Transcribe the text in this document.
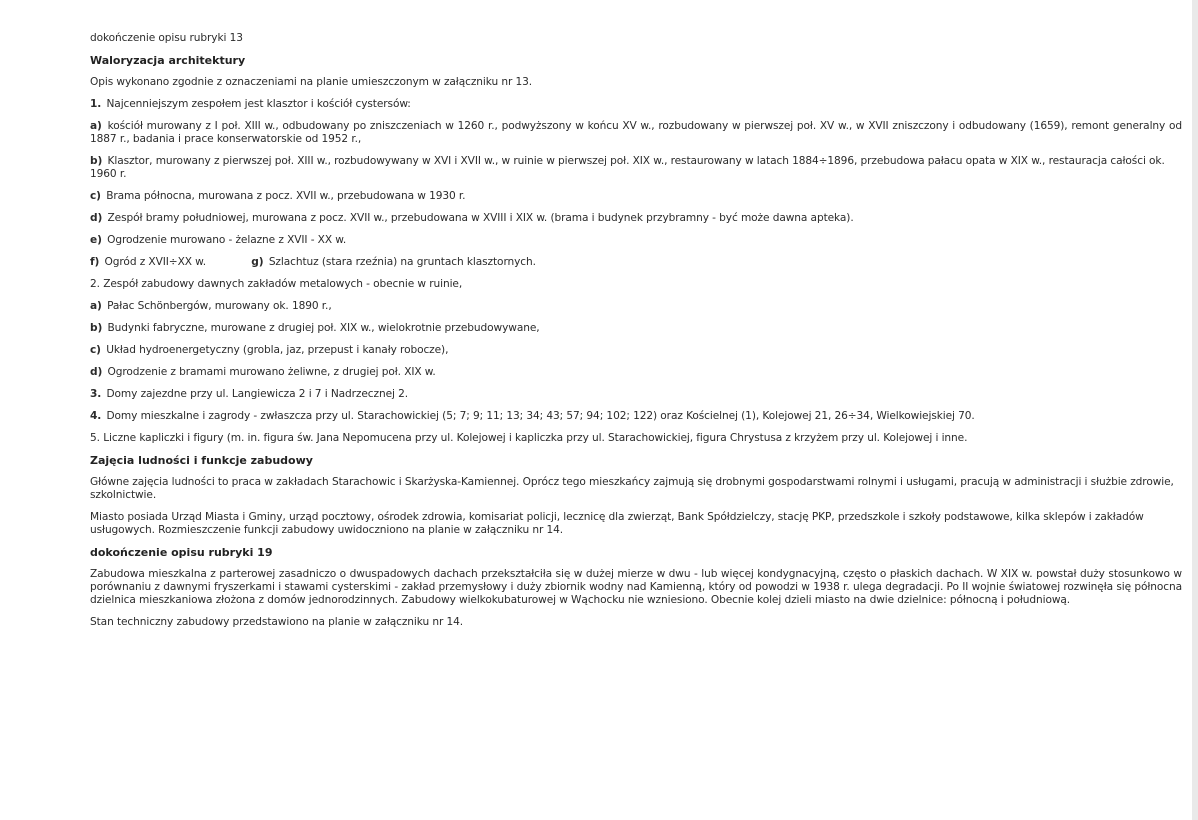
dokończenie opisu rubryki 13
Waloryzacja architektury
Opis wykonano zgodnie z oznaczeniami na planie umieszczonym w załączniku nr 13.
1. Najcenniejszym zespołem jest klasztor i kościół cystersów:
a) kościół murowany z I poł. XIII w., odbudowany po zniszczeniach w 1260 r., podwyższony w końcu XV w., rozbudowany w pierwszej poł. XV w., w XVII zniszczony i odbudowany (1659), remont generalny od 1887 r., badania i prace konserwatorskie od 1952 r.,
b) Klasztor, murowany z pierwszej poł. XIII w., rozbudowywany w XVI i XVII w., w ruinie w pierwszej poł. XIX w., restaurowany w latach 1884÷1896, przebudowa pałacu opata w XIX w., restauracja całości ok. 1960 r.
c) Brama północna, murowana z pocz. XVII w., przebudowana w 1930 r.
d) Zespół bramy południowej, murowana z pocz. XVII w., przebudowana w XVIII i XIX w. (brama i budynek przybramny - być może dawna apteka).
e) Ogrodzenie murowano - żelazne z XVII - XX w.
f) Ogród z XVII÷XX w.	g) Szlachtuz (stara rzeźnia) na gruntach klasztornych.
2. Zespół zabudowy dawnych zakładów metalowych - obecnie w ruinie,
a) Pałac Schönbergów, murowany ok. 1890 r.,
b) Budynki fabryczne, murowane z drugiej poł. XIX w., wielokrotnie przebudowywane,
c) Układ hydroenergetyczny (grobla, jaz, przepust i kanały robocze),
d) Ogrodzenie z bramami murowano żeliwne, z drugiej poł. XIX w.
3. Domy zajezdne przy ul. Langiewicza 2 i 7 i Nadrzecznej 2.
4. Domy mieszkalne i zagrody - zwłaszcza przy ul. Starachowickiej (5; 7; 9; 11; 13; 34; 43; 57; 94; 102; 122) oraz Kościelnej (1), Kolejowej 21, 26÷34, Wielkowiejskiej 70.
5. Liczne kapliczki i figury (m. in. figura św. Jana Nepomucena przy ul. Kolejowej i kapliczka przy ul. Starachowickiej, figura Chrystusa z krzyżem przy ul. Kolejowej i inne.
Zajęcia ludności i funkcje zabudowy
Główne zajęcia ludności to praca w zakładach Starachowic i Skarżyska-Kamiennej. Oprócz tego mieszkańcy zajmują się drobnymi gospodarstwami rolnymi i usługami, pracują w administracji i służbie zdrowie, szkolnictwie.
Miasto posiada Urząd Miasta i Gminy, urząd pocztowy, ośrodek zdrowia, komisariat policji, lecznicę dla zwierząt, Bank Spółdzielczy, stację PKP, przedszkole i szkoły podstawowe, kilka sklepów i zakładów usługowych. Rozmieszczenie funkcji zabudowy uwidoczniono na planie w załączniku nr 14.
dokończenie opisu rubryki 19
Zabudowa mieszkalna z parterowej zasadniczo o dwuspadowych dachach przekształciła się w dużej mierze w dwu - lub więcej kondygnacyjną, często o płaskich dachach. W XIX w. powstał duży stosunkowo w porównaniu z dawnymi fryszerkami i stawami cysterskimi - zakład przemysłowy i duży zbiornik wodny nad Kamienną, który od powodzi w 1938 r. ulega degradacji. Po II wojnie światowej rozwinęła się północna dzielnica mieszkaniowa złożona z domów jednorodzinnych. Zabudowy wielkokubaturowej w Wąchocku nie wzniesiono. Obecnie kolej dzieli miasto na dwie dzielnice: północną i południową.
Stan techniczny zabudowy przedstawiono na planie w załączniku nr 14.
